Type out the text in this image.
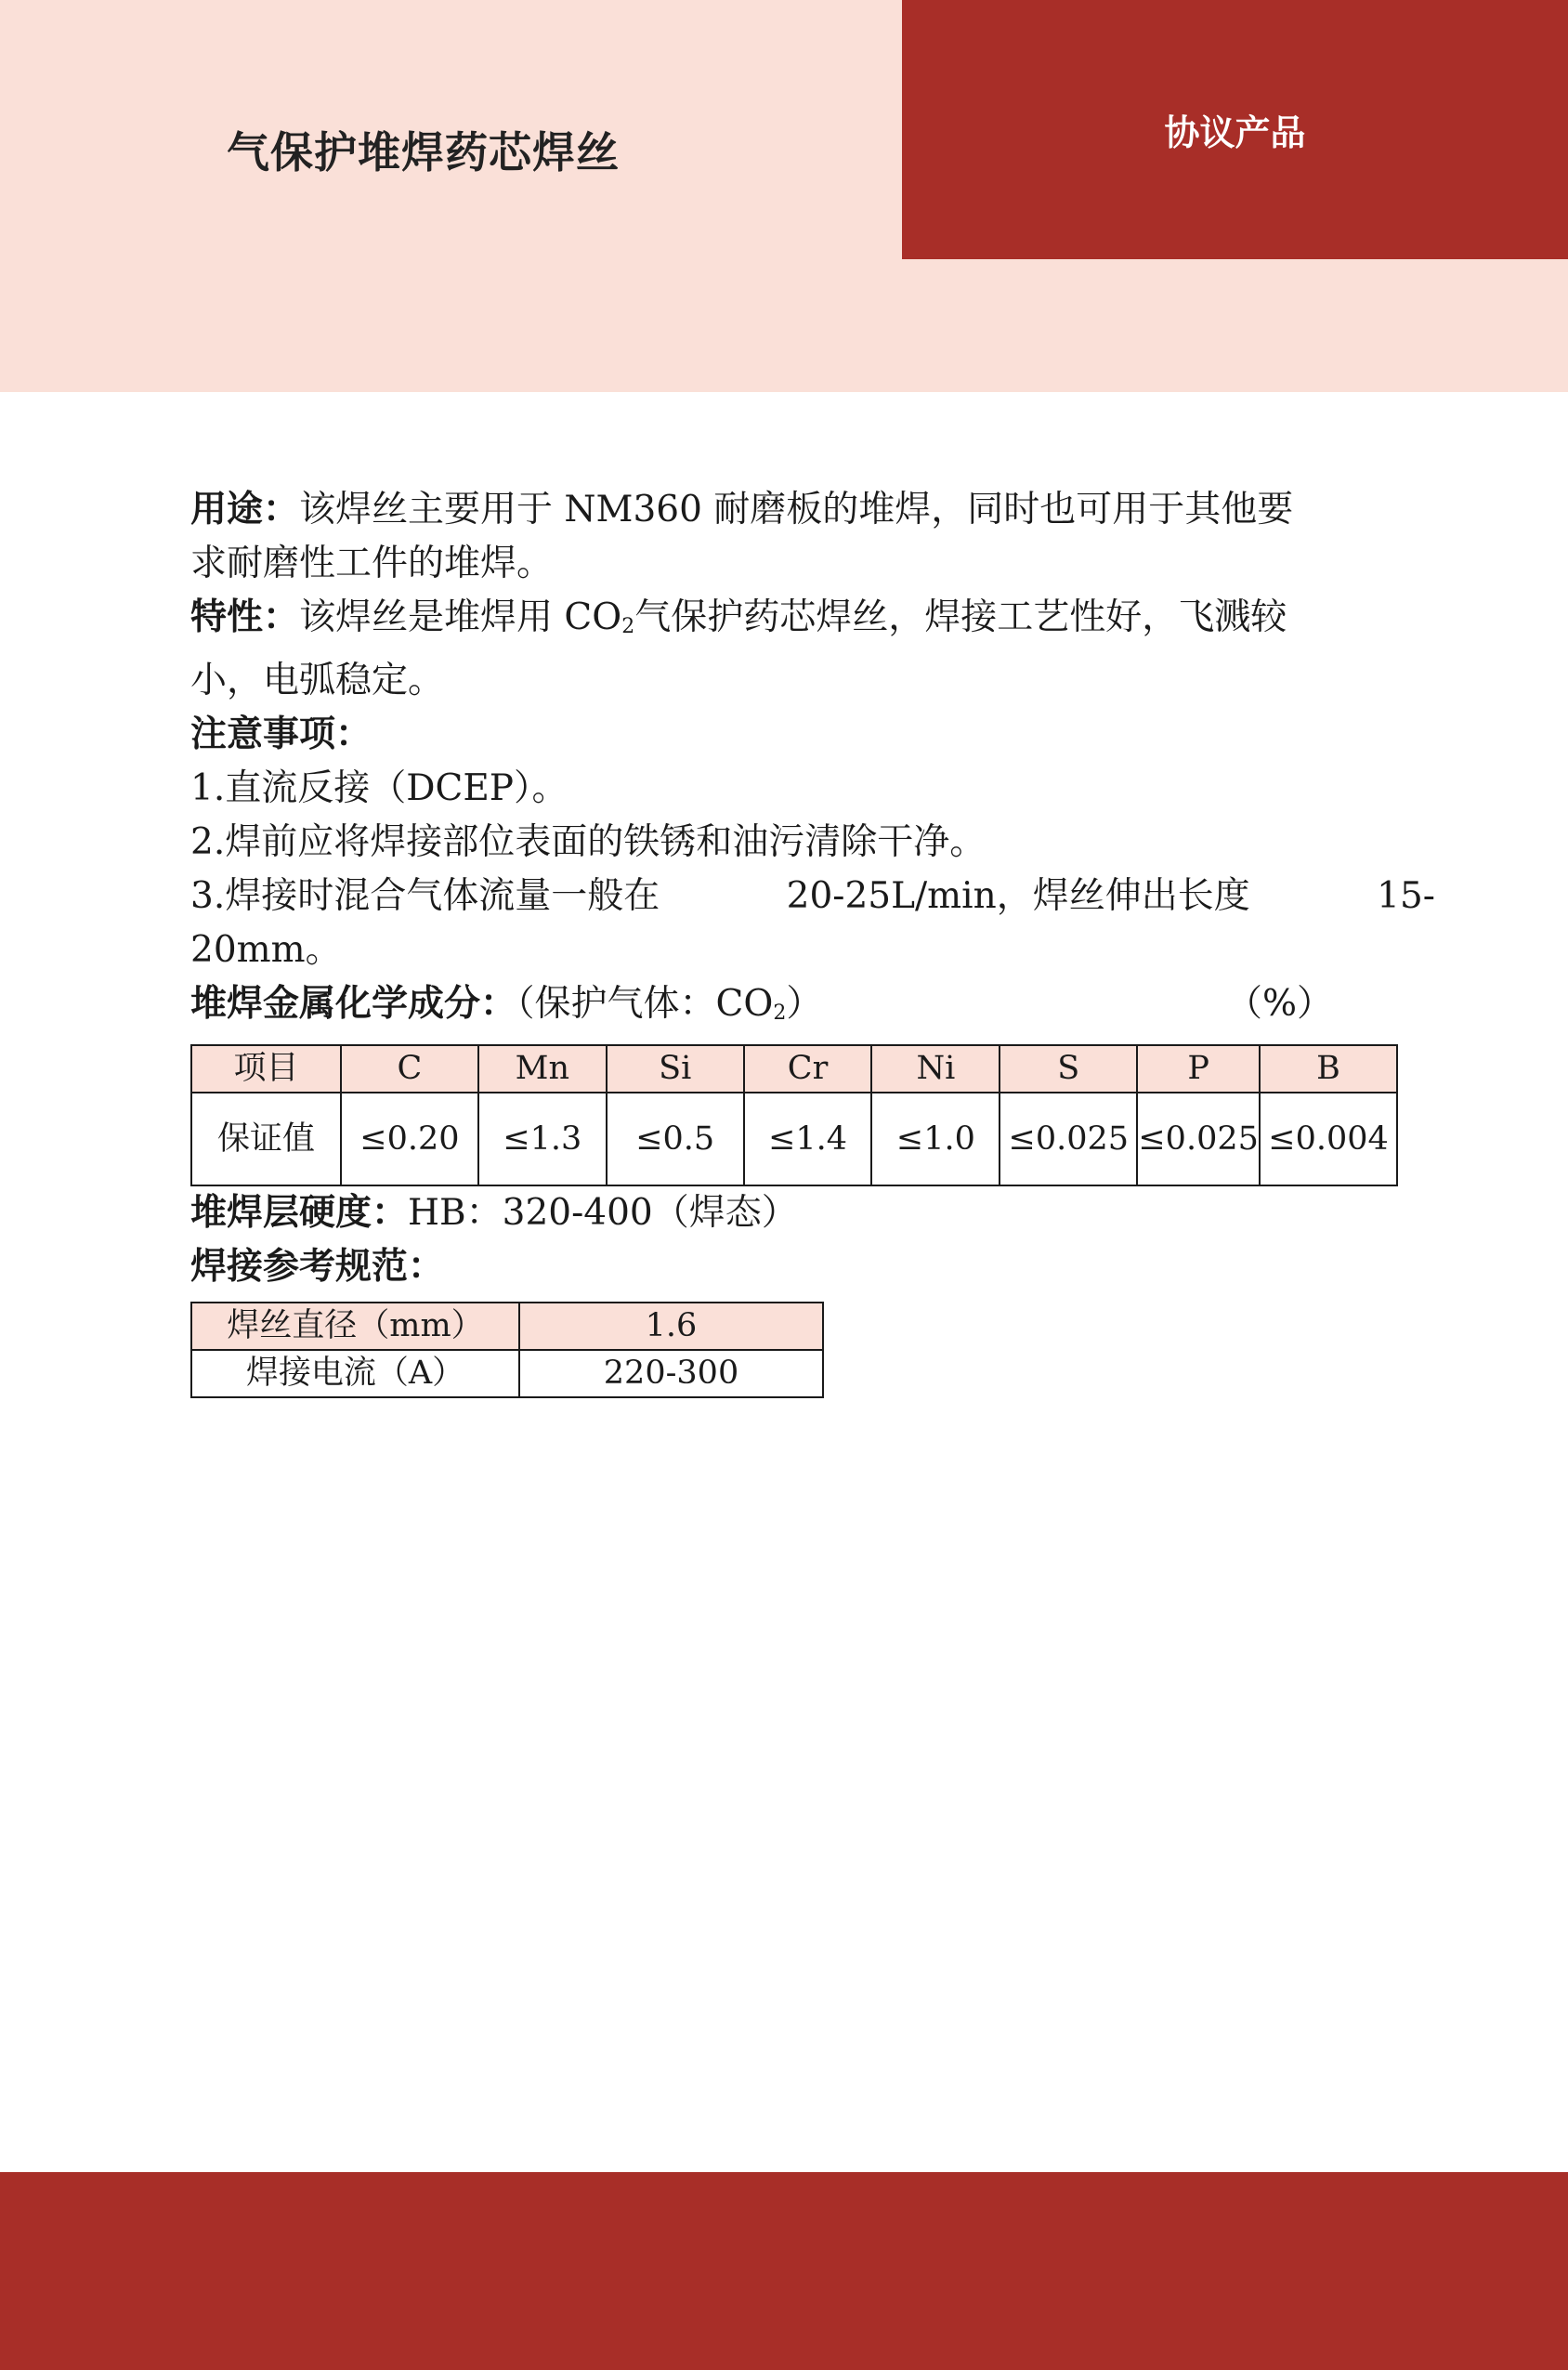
气保护堆焊药芯焊丝	协议产品

用途：该焊丝主要用于 NM360 耐磨板的堆焊，同时也可用于其他要

求耐磨性工件的堆焊。

特性：该焊丝是堆焊用 CO2气保护药芯焊丝，焊接工艺性好，飞溅较

小，电弧稳定。

注意事项：

1.直流反接（DCEP）。

2.焊前应将焊接部位表面的铁锈和油污清除干净。

3.焊接时混合气体流量一般在	20-25L/min，焊丝伸出长度	15-

20mm。

堆焊金属化学成分：（保护气体：CO2）	（%）

项目	C	Mn	Si	Cr	Ni	S	P	B
保证值	≤0.20	≤1.3	≤0.5	≤1.4	≤1.0	≤0.025	≤0.025	≤0.004

堆焊层硬度：HB：320-400（焊态）

焊接参考规范：

焊丝直径（mm）	1.6
焊接电流（A）	220-300
